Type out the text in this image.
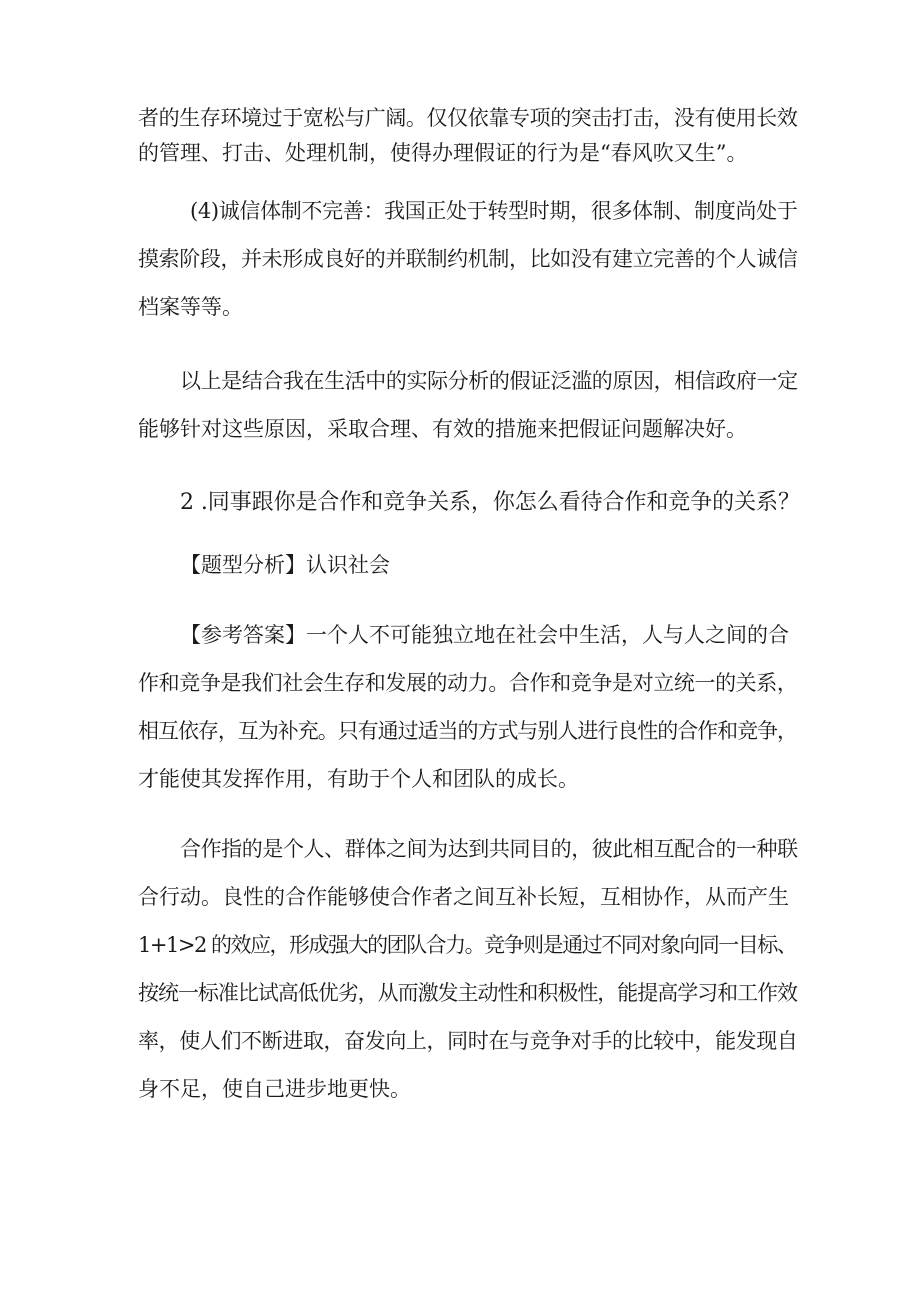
者的生存环境过于宽松与广阔。仅仅依靠专项的突击打击，没有使用长效
的管理、打击、处理机制，使得办理假证的行为是“春风吹又生”。
(4)诚信体制不完善：我国正处于转型时期，很多体制、制度尚处于
摸索阶段，并未形成良好的并联制约机制，比如没有建立完善的个人诚信
档案等等。
以上是结合我在生活中的实际分析的假证泛滥的原因，相信政府一定
能够针对这些原因，采取合理、有效的措施来把假证问题解决好。
2 .同事跟你是合作和竞争关系，你怎么看待合作和竞争的关系？
【题型分析】认识社会
【参考答案】一个人不可能独立地在社会中生活，人与人之间的合
作和竞争是我们社会生存和发展的动力。合作和竞争是对立统一的关系，
相互依存，互为补充。只有通过适当的方式与别人进行良性的合作和竞争，
才能使其发挥作用，有助于个人和团队的成长。
合作指的是个人、群体之间为达到共同目的，彼此相互配合的一种联
合行动。良性的合作能够使合作者之间互补长短，互相协作，从而产生
1+1>2 的效应，形成强大的团队合力。竞争则是通过不同对象向同一目标、
按统一标准比试高低优劣，从而激发主动性和积极性，能提高学习和工作效
率，使人们不断进取，奋发向上，同时在与竞争对手的比较中，能发现自
身不足，使自己进步地更快。
